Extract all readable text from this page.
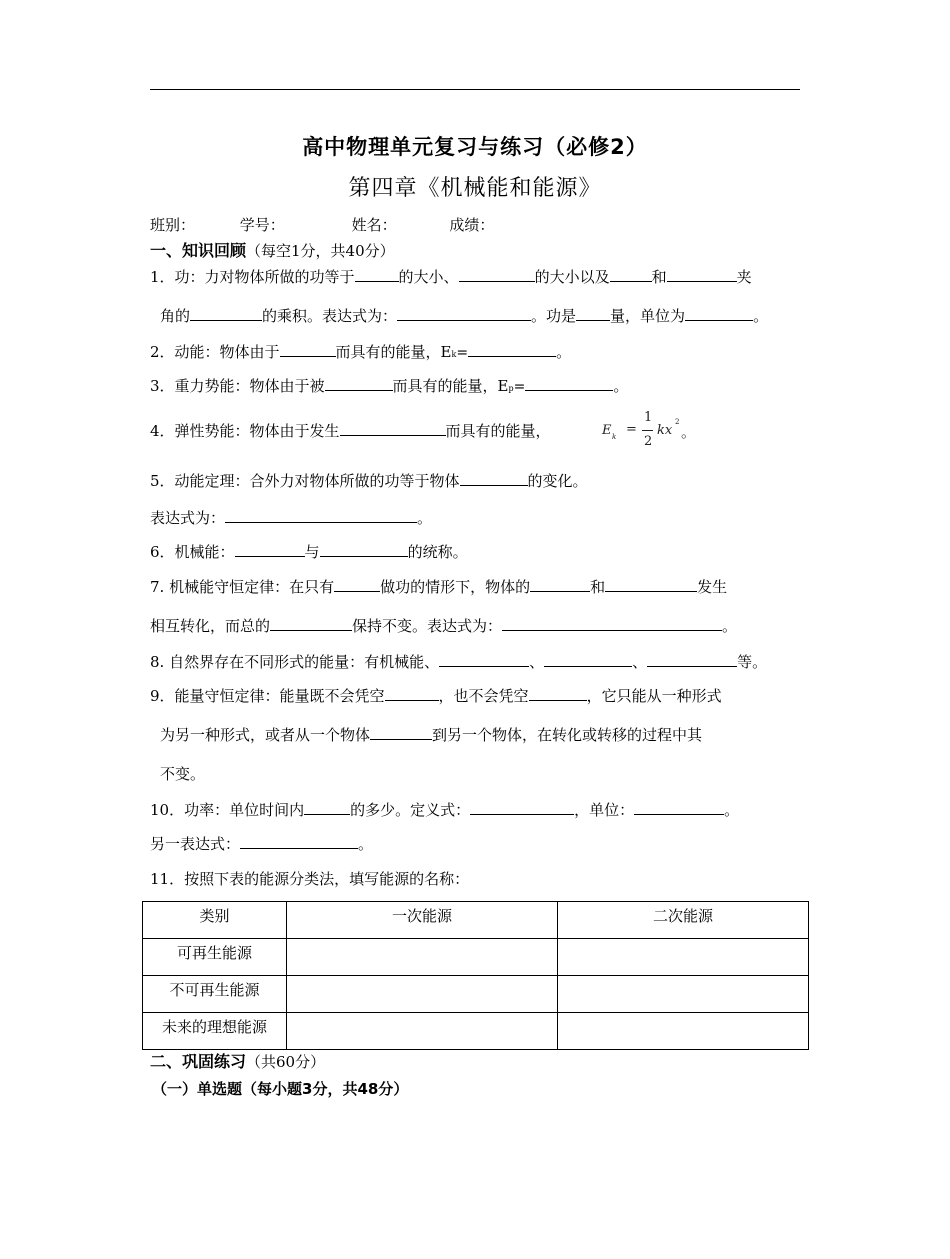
高中物理单元复习与练习（必修2）
第四章《机械能和能源》
班别：	学号：	姓名：	成绩：
一、知识回顾（每空1分，共40分）
1．功：力对物体所做的功等于	的大小、	的大小以及	和	夹
角的	的乘积。表达式为：	。功是 量，单位为	。
2．动能：物体由于	而具有的能量，Ek=	。
3．重力势能：物体由于被	而具有的能量，Ep=	。
4．弹性势能：物体由于发生	而具有的能量，	E k =
1
2
kx
2
。
5．动能定理：合外力对物体所做的功等于物体	的变化。
表达式为：	。
6．机械能：	与	的统称。
7. 机械能守恒定律：在只有	做功的情形下，物体的	和	发生
相互转化，而总的	保持不变。表达式为：	。
8. 自然界存在不同形式的能量：有机械能、	、	、	等。
9．能量守恒定律：能量既不会凭空	，也不会凭空	，它只能从一种形式
为另一种形式，或者从一个物体	到另一个物体，在转化或转移的过程中其
不变。
10．功率：单位时间内	的多少。定义式：	，单位：	。
另一表达式：	。
11．按照下表的能源分类法，填写能源的名称：
类别	一次能源	二次能源
可再生能源		
不可再生能源		
未来的理想能源		
二、巩固练习（共60分）
（一）单选题（每小题3分，共48分）
